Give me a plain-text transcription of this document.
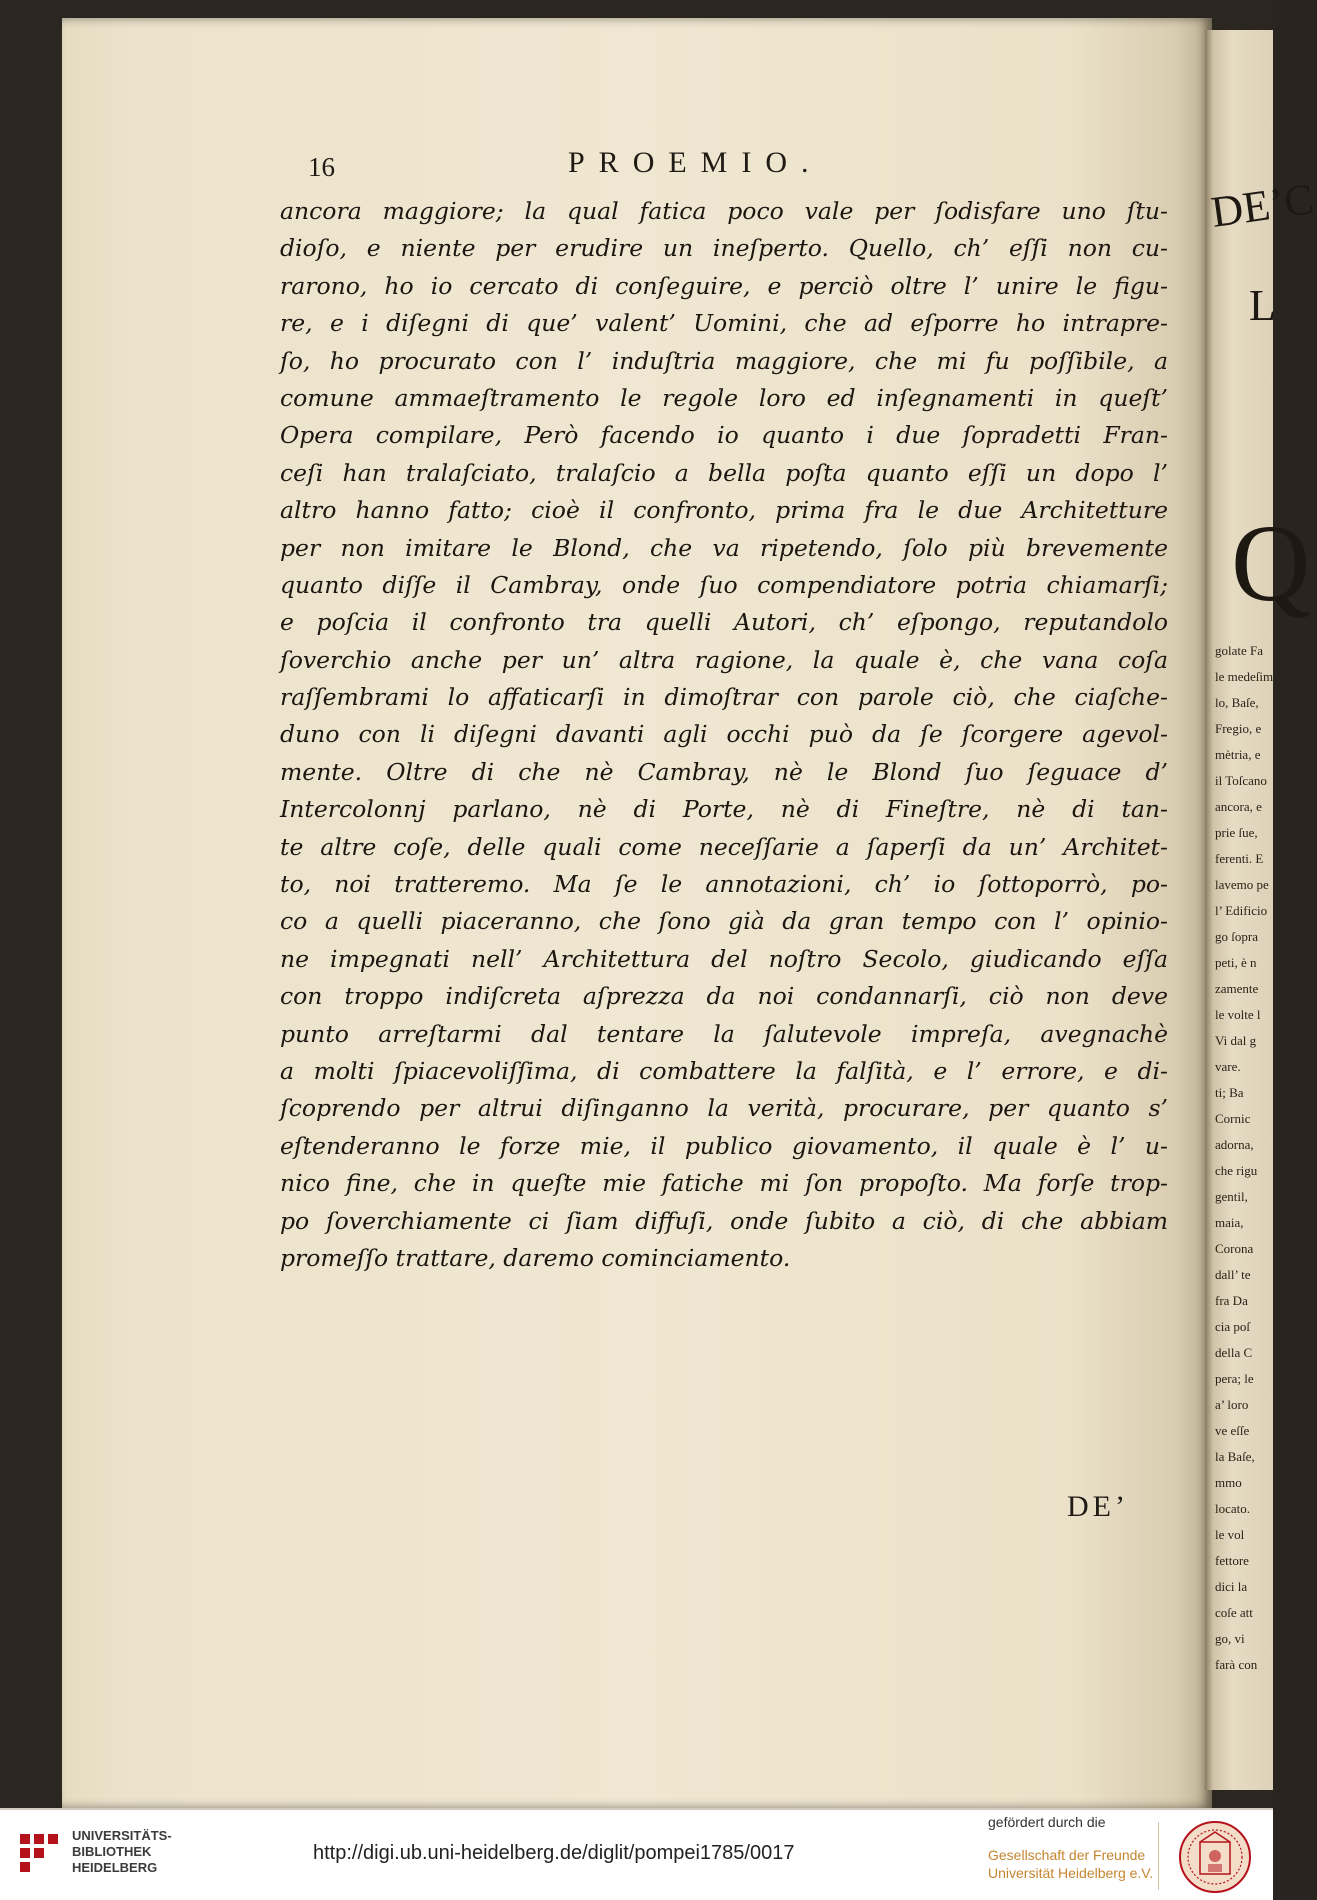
DE’C
L
Q
golate Fa
le medeſim
lo, Baſe,
Fregio, e
mètria, e
il Toſcano
ancora, e
prie ſue,
ferenti. E
lavemo pe
l’ Edificio
go ſopra
peti, è n
zamente
le volte l
Vi dal g
vare.
ti; Ba
Cornic
adorna,
che rigu
gentil,
maia,
Corona
dall’ te
fra Da
cia poſ
della C
pera; le
a’ loro
ve eſſe
la Baſe,
mmo
locato.
le vol
fettore
dici la
coſe att
go, vi
farà con
16	PROEMIO.
ancora maggiore; la qual fatica poco vale per ſodisfare uno ſtu-
dioſo, e niente per erudire un ineſperto. Quello, ch’ eſſi non cu-
rarono, ho io cercato di conſeguire, e perciò oltre l’ unire le figu-
re, e i diſegni di que’ valent’ Uomini, che ad eſporre ho intrapre-
ſo, ho procurato con l’ induſtria maggiore, che mi fu poſſibile, a
comune ammaeſtramento le regole loro ed inſegnamenti in queſt’
Opera compilare, Però facendo io quanto i due ſopradetti Fran-
ceſi han tralaſciato, tralaſcio a bella poſta quanto eſſi un dopo l’
altro hanno fatto; cioè il confronto, prima fra le due Architetture
per non imitare le Blond, che va ripetendo, ſolo più brevemente
quanto diſſe il Cambray, onde ſuo compendiatore potria chiamarſi;
e poſcia il confronto tra quelli Autori, ch’ eſpongo, reputandolo
ſoverchio anche per un’ altra ragione, la quale è, che vana coſa
raſſembrami lo affaticarſi in dimoſtrar con parole ciò, che ciaſche-
duno con li diſegni davanti agli occhi può da ſe ſcorgere agevol-
mente. Oltre di che nè Cambray, nè le Blond ſuo ſeguace d’
Intercolonnj parlano, nè di Porte, nè di Fineſtre, nè di tan-
te altre coſe, delle quali come neceſſarie a ſaperſi da un’ Architet-
to, noi tratteremo. Ma ſe le annotazioni, ch’ io ſottoporrò, po-
co a quelli piaceranno, che ſono già da gran tempo con l’ opinio-
ne impegnati nell’ Architettura del noſtro Secolo, giudicando eſſa
con troppo indiſcreta aſprezza da noi condannarſi, ciò non deve
punto arreſtarmi dal tentare la ſalutevole impreſa, avegnachè
a molti ſpiacevoliſſima, di combattere la falſità, e l’ errore, e di-
ſcoprendo per altrui diſinganno la verità, procurare, per quanto s’
eſtenderanno le forze mie, il publico giovamento, il quale è l’ u-
nico fine, che in queſte mie fatiche mi ſon propoſto. Ma forſe trop-
po ſoverchiamente ci ſiam diffuſi, onde ſubito a ciò, di che abbiam
promeſſo trattare, daremo cominciamento.
DE’
UNIVERSITÄTS-
BIBLIOTHEK
HEIDELBERG
http://digi.ub.uni-heidelberg.de/diglit/pompei1785/0017
gefördert durch die
Gesellschaft der Freunde
Universität Heidelberg e.V.
